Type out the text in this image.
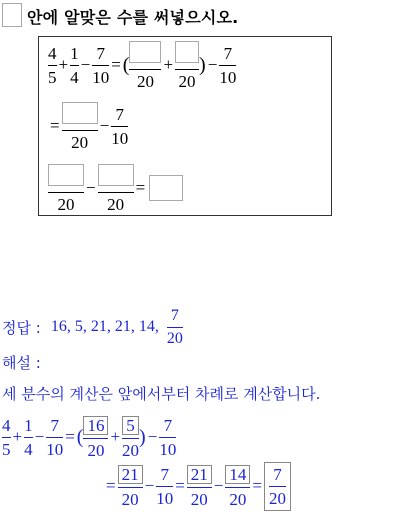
안에 알맞은 수를 써넣으시오.
$\frac{4}{5} + \frac{1}{4} - \frac{7}{10}$ = (
20
+
20
) − $\frac{7}{10}$
=
20
− $\frac{7}{10}$
20
−
20
=
정답 : 16, 5, 21, 21, 14, $\frac{7}{20}$
해설 :
세 분수의 계산은 앞에서부터 차례로 계산합니다.
$\frac{4}{5} + \frac{1}{4} - \frac{7}{10}$ = ( $\frac{16}{20} + \frac{5}{20}$ ) − $\frac{7}{10}$
= $\frac{21}{20} - \frac{7}{10} = \frac{21}{20} - \frac{14}{20} = \frac{7}{20}$
